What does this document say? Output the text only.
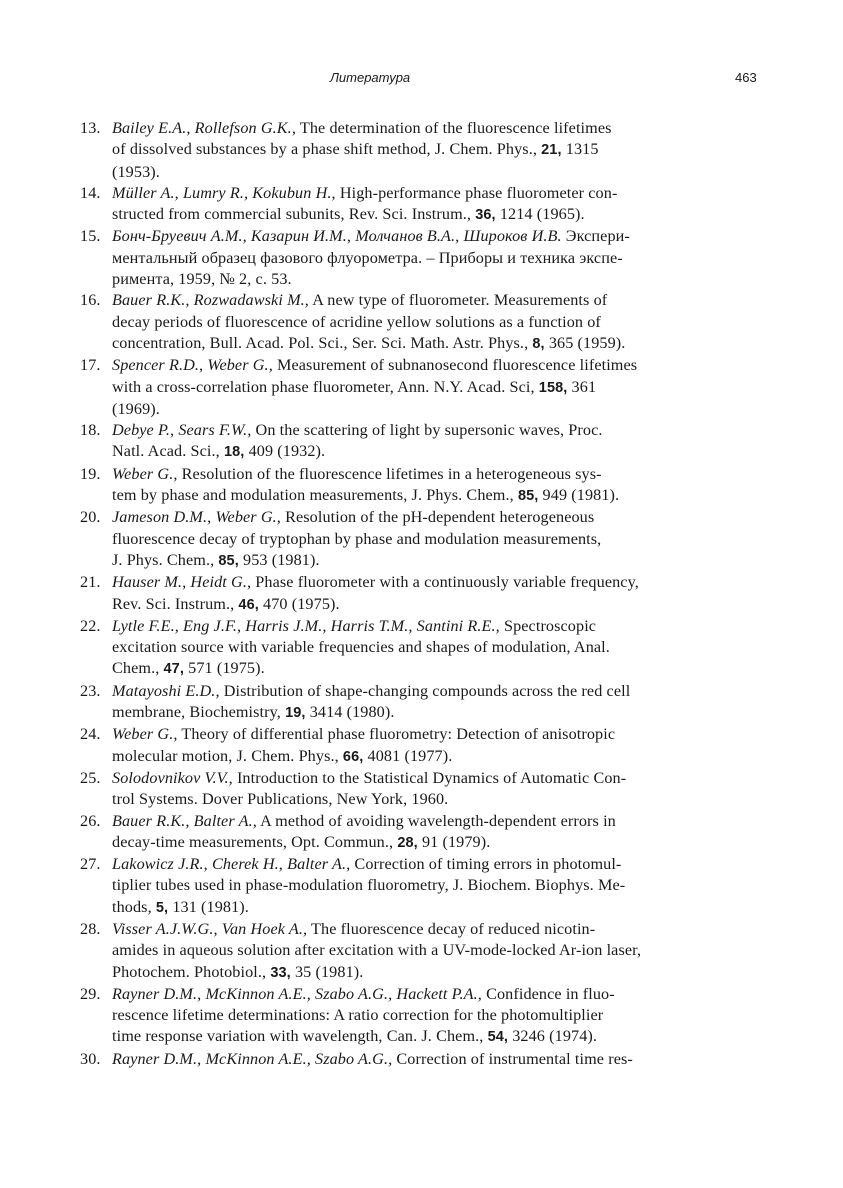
Литература	463
13. Bailey E.A., Rollefson G.K., The determination of the fluorescence lifetimes
of dissolved substances by a phase shift method, J. Chem. Phys., 21, 1315
(1953).
14. Müller A., Lumry R., Kokubun H., High-performance phase fluorometer con-
structed from commercial subunits, Rev. Sci. Instrum., 36, 1214 (1965).
15. Бонч-Бруевич А.М., Казарин И.М., Молчанов В.А., Широков И.В. Экспери-
ментальный образец фазового флуорометра. – Приборы и техника экспе-
римента, 1959, № 2, с. 53.
16. Bauer R.K., Rozwadawski M., A new type of fluorometer. Measurements of
decay periods of fluorescence of acridine yellow solutions as a function of
concentration, Bull. Acad. Pol. Sci., Ser. Sci. Math. Astr. Phys., 8, 365 (1959).
17. Spencer R.D., Weber G., Measurement of subnanosecond fluorescence lifetimes
with a cross-correlation phase fluorometer, Ann. N.Y. Acad. Sci, 158, 361
(1969).
18. Debye P., Sears F.W., On the scattering of light by supersonic waves, Proc.
Natl. Acad. Sci., 18, 409 (1932).
19. Weber G., Resolution of the fluorescence lifetimes in a heterogeneous sys-
tem by phase and modulation measurements, J. Phys. Chem., 85, 949 (1981).
20. Jameson D.M., Weber G., Resolution of the pH-dependent heterogeneous
fluorescence decay of tryptophan by phase and modulation measurements,
J. Phys. Chem., 85, 953 (1981).
21. Hauser M., Heidt G., Phase fluorometer with a continuously variable frequency,
Rev. Sci. Instrum., 46, 470 (1975).
22. Lytle F.E., Eng J.F., Harris J.M., Harris T.M., Santini R.E., Spectroscopic
excitation source with variable frequencies and shapes of modulation, Anal.
Chem., 47, 571 (1975).
23. Matayoshi E.D., Distribution of shape-changing compounds across the red cell
membrane, Biochemistry, 19, 3414 (1980).
24. Weber G., Theory of differential phase fluorometry: Detection of anisotropic
molecular motion, J. Chem. Phys., 66, 4081 (1977).
25. Solodovnikov V.V., Introduction to the Statistical Dynamics of Automatic Con-
trol Systems. Dover Publications, New York, 1960.
26. Bauer R.K., Balter A., A method of avoiding wavelength-dependent errors in
decay-time measurements, Opt. Commun., 28, 91 (1979).
27. Lakowicz J.R., Cherek H., Balter A., Correction of timing errors in photomul-
tiplier tubes used in phase-modulation fluorometry, J. Biochem. Biophys. Me-
thods, 5, 131 (1981).
28. Visser A.J.W.G., Van Hoek A., The fluorescence decay of reduced nicotin-
amides in aqueous solution after excitation with a UV-mode-locked Ar-ion laser,
Photochem. Photobiol., 33, 35 (1981).
29. Rayner D.M., McKinnon A.E., Szabo A.G., Hackett P.A., Confidence in fluo-
rescence lifetime determinations: A ratio correction for the photomultiplier
time response variation with wavelength, Can. J. Chem., 54, 3246 (1974).
30. Rayner D.M., McKinnon A.E., Szabo A.G., Correction of instrumental time res-
